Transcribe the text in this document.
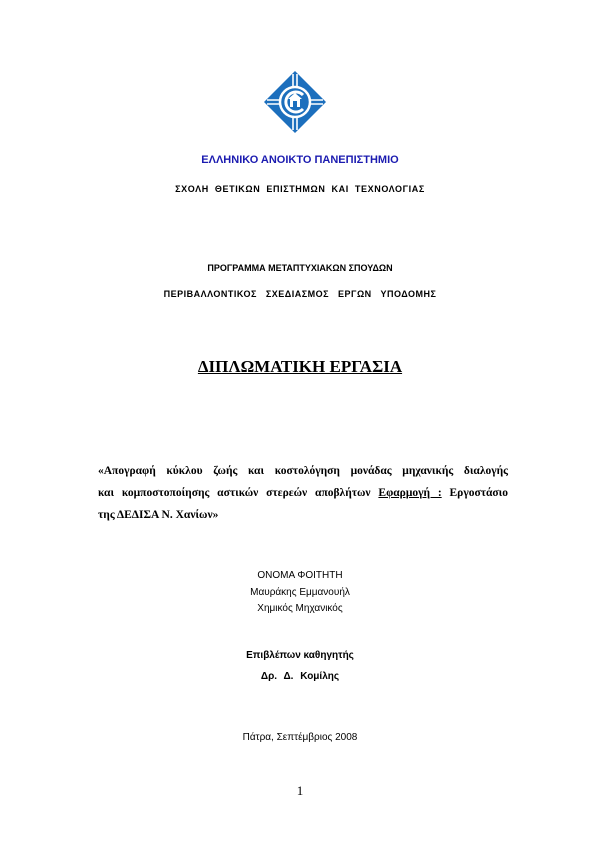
ΕΛΛΗΝΙΚΟ ΑΝΟΙΚΤΟ ΠΑΝΕΠΙΣΤΗΜΙΟ
ΣΧΟΛΗ ΘΕΤΙΚΩΝ ΕΠΙΣΤΗΜΩΝ ΚΑΙ ΤΕΧΝΟΛΟΓΙΑΣ
ΠΡΟΓΡΑΜΜΑ ΜΕΤΑΠΤΥΧΙΑΚΩΝ ΣΠΟΥΔΩΝ
ΠΕΡΙΒΑΛΛΟΝΤΙΚΟΣ ΣΧΕΔΙΑΣΜΟΣ ΕΡΓΩΝ ΥΠΟΔΟΜΗΣ
ΔΙΠΛΩΜΑΤΙΚΗ ΕΡΓΑΣΙΑ
«Απογραφή κύκλου ζωής και κοστολόγηση μονάδας μηχανικής διαλογής
και κομποστοποίησης αστικών στερεών αποβλήτων Εφαρμογή : Εργοστάσιο
της ΔΕΔΙΣΑ Ν. Χανίων»
ΟΝΟΜΑ ΦΟΙΤΗΤΗ
Μαυράκης Εμμανουήλ
Χημικός Μηχανικός
Επιβλέπων καθηγητής
Δρ. Δ. Κομίλης
Πάτρα, Σεπτέμβριος 2008
1
